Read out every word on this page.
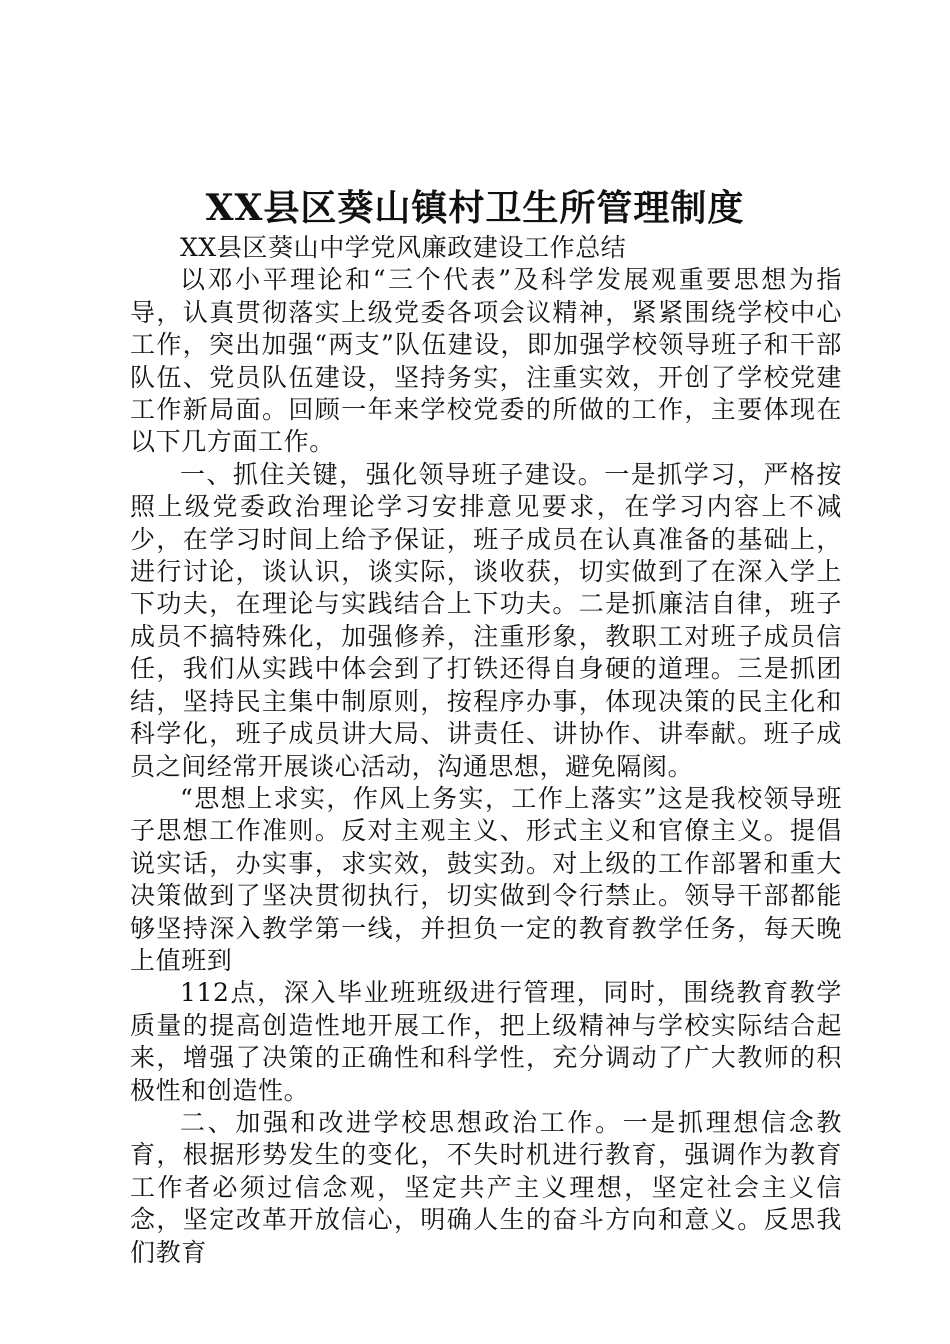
XX县区葵山镇村卫生所管理制度

XX县区葵山中学党风廉政建设工作总结

以邓小平理论和“三个代表”及科学发展观重要思想为指导，认真贯彻落实上级党委各项会议精神，紧紧围绕学校中心工作，突出加强“两支”队伍建设，即加强学校领导班子和干部队伍、党员队伍建设，坚持务实，注重实效，开创了学校党建工作新局面。回顾一年来学校党委的所做的工作，主要体现在以下几方面工作。

一、抓住关键，强化领导班子建设。一是抓学习，严格按照上级党委政治理论学习安排意见要求，在学习内容上不减少，在学习时间上给予保证，班子成员在认真准备的基础上，进行讨论，谈认识，谈实际，谈收获，切实做到了在深入学上下功夫，在理论与实践结合上下功夫。二是抓廉洁自律，班子成员不搞特殊化，加强修养，注重形象，教职工对班子成员信任，我们从实践中体会到了打铁还得自身硬的道理。三是抓团结，坚持民主集中制原则，按程序办事，体现决策的民主化和科学化，班子成员讲大局、讲责任、讲协作、讲奉献。班子成员之间经常开展谈心活动，沟通思想，避免隔阂。

“思想上求实，作风上务实，工作上落实”这是我校领导班子思想工作准则。反对主观主义、形式主义和官僚主义。提倡说实话，办实事，求实效，鼓实劲。对上级的工作部署和重大决策做到了坚决贯彻执行，切实做到令行禁止。领导干部都能够坚持深入教学第一线，并担负一定的教育教学任务，每天晚上值班到

112点，深入毕业班班级进行管理，同时，围绕教育教学质量的提高创造性地开展工作，把上级精神与学校实际结合起来，增强了决策的正确性和科学性，充分调动了广大教师的积极性和创造性。

二、加强和改进学校思想政治工作。一是抓理想信念教育，根据形势发生的变化，不失时机进行教育，强调作为教育工作者必须过信念观，坚定共产主义理想，坚定社会主义信念，坚定改革开放信心，明确人生的奋斗方向和意义。反思我们教育
